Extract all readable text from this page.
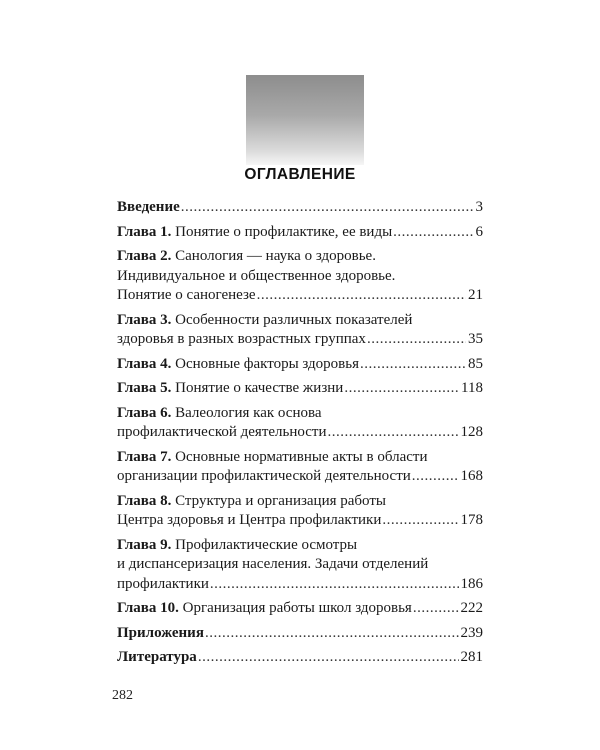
ОГЛАВЛЕНИЕ
Введение .....	3
Глава 1. Понятие о профилактике, ее виды .....	6
Глава 2. Санология — наука о здоровье.
Индивидуальное и общественное здоровье.
Понятие о саногенезе .....	21
Глава 3. Особенности различных показателей
здоровья в разных возрастных группах .....	35
Глава 4. Основные факторы здоровья .....	85
Глава 5. Понятие о качестве жизни .....	118
Глава 6. Валеология как основа
профилактической деятельности .....	128
Глава 7. Основные нормативные акты в области
организации профилактической деятельности .....	168
Глава 8. Структура и организация работы
Центра здоровья и Центра профилактики .....	178
Глава 9. Профилактические осмотры
и диспансеризация населения. Задачи отделений
профилактики .....	186
Глава 10. Организация работы школ здоровья .....	222
Приложения .....	239
Литература .....	281
282
